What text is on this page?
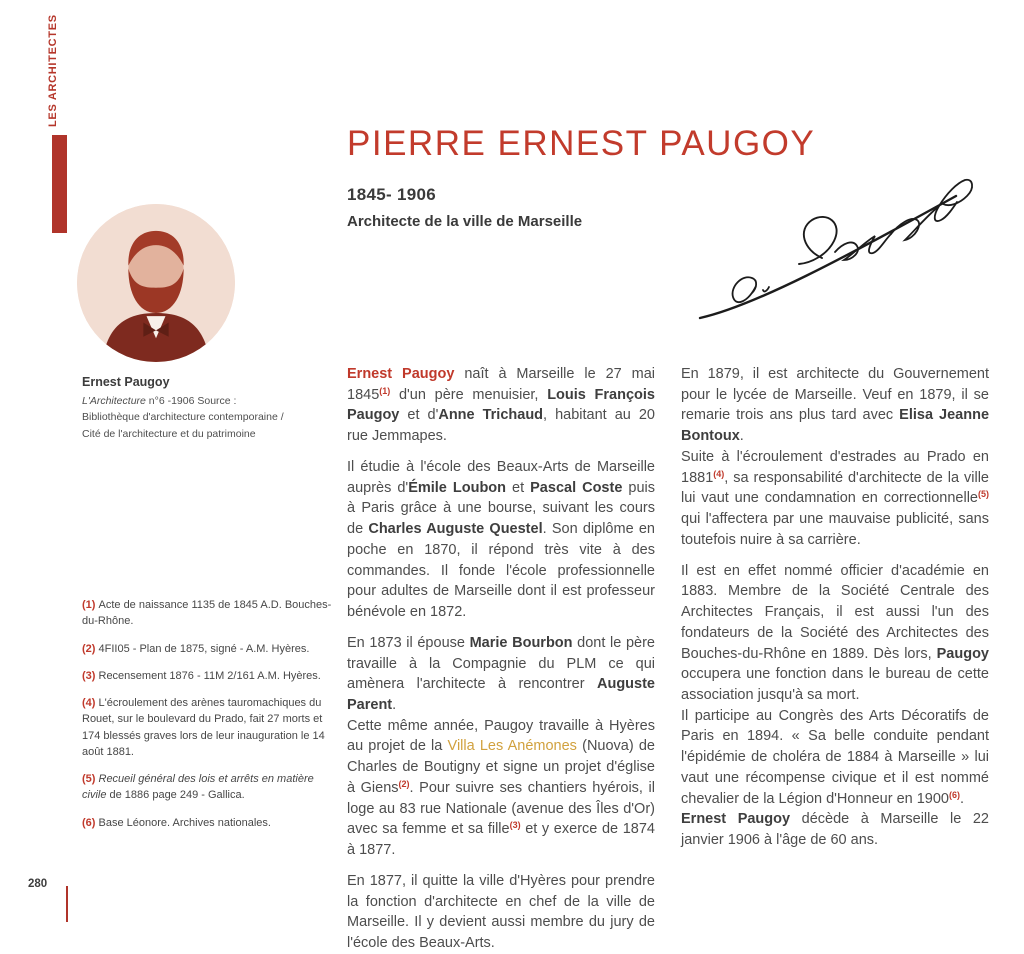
LES ARCHITECTES
Ernest Paugoy
L'Architecture n°6 -1906 Source : Bibliothèque d'architecture contemporaine / Cité de l'architecture et du patrimoine
(1) Acte de naissance 1135 de 1845 A.D. Bouches-du-Rhône.
(2) 4FII05 - Plan de 1875, signé - A.M. Hyères.
(3) Recensement 1876 - 11M 2/161 A.M. Hyères.
(4) L'écroulement des arènes tauromachiques du Rouet, sur le boulevard du Prado, fait 27 morts et 174 blessés graves lors de leur inauguration le 14 août 1881.
(5) Recueil général des lois et arrêts en matière civile de 1886 page 249 - Gallica.
(6) Base Léonore. Archives nationales.
PIERRE ERNEST PAUGOY
1845- 1906
Architecte de la ville de Marseille

Ernest Paugoy naît à Marseille le 27 mai 1845$^{(1)}$ d'un père menuisier, Louis François Paugoy et d'Anne Trichaud, habitant au 20 rue Jemmapes.

Il étudie à l'école des Beaux-Arts de Marseille auprès d'Émile Loubon et Pascal Coste puis à Paris grâce à une bourse, suivant les cours de Charles Auguste Questel. Son diplôme en poche en 1870, il répond très vite à des commandes. Il fonde l'école professionnelle pour adultes de Marseille dont il est professeur bénévole en 1872.

En 1873 il épouse Marie Bourbon dont le père travaille à la Compagnie du PLM ce qui amènera l'architecte à rencontrer Auguste Parent.

Cette même année, Paugoy travaille à Hyères au projet de la Villa Les Anémones (Nuova) de Charles de Boutigny et signe un projet d'église à Giens$^{(2)}$. Pour suivre ses chantiers hyérois, il loge au 83 rue Nationale (avenue des Îles d'Or) avec sa femme et sa fille$^{(3)}$ et y exerce de 1874 à 1877.

En 1877, il quitte la ville d'Hyères pour prendre la fonction d'architecte en chef de la ville de Marseille. Il y devient aussi membre du jury de l'école des Beaux-Arts.

En 1879, il est architecte du Gouvernement pour le lycée de Marseille. Veuf en 1879, il se remarie trois ans plus tard avec Elisa Jeanne Bontoux.

Suite à l'écroulement d'estrades au Prado en 1881$^{(4)}$, sa responsabilité d'architecte de la ville lui vaut une condamnation en correctionnelle$^{(5)}$ qui l'affectera par une mauvaise publicité, sans toutefois nuire à sa carrière.

Il est en effet nommé officier d'académie en 1883. Membre de la Société Centrale des Architectes Français, il est aussi l'un des fondateurs de la Société des Architectes des Bouches-du-Rhône en 1889. Dès lors, Paugoy occupera une fonction dans le bureau de cette association jusqu'à sa mort.

Il participe au Congrès des Arts Décoratifs de Paris en 1894. « Sa belle conduite pendant l'épidémie de choléra de 1884 à Marseille » lui vaut une récompense civique et il est nommé chevalier de la Légion d'Honneur en 1900$^{(6)}$.

Ernest Paugoy décède à Marseille le 22 janvier 1906 à l'âge de 60 ans.

280
